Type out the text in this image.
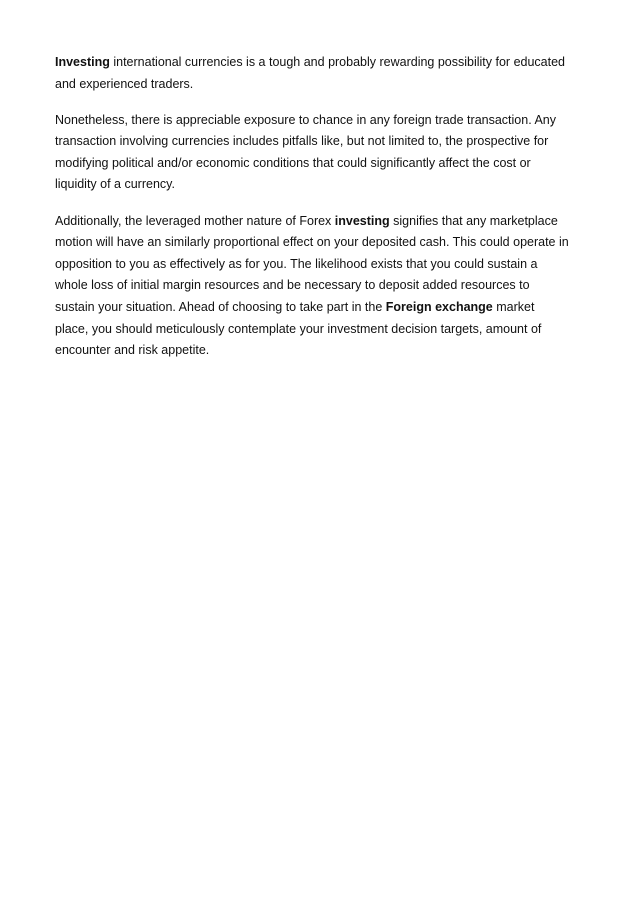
Investing international currencies is a tough and probably rewarding possibility for educated
and experienced traders.

Nonetheless, there is appreciable exposure to chance in any foreign trade transaction. Any
transaction involving currencies includes pitfalls like, but not limited to, the prospective for
modifying political and/or economic conditions that could significantly affect the cost or
liquidity of a currency.

Additionally, the leveraged mother nature of Forex investing signifies that any marketplace
motion will have an similarly proportional effect on your deposited cash. This could operate in
opposition to you as effectively as for you. The likelihood exists that you could sustain a
whole loss of initial margin resources and be necessary to deposit added resources to
sustain your situation. Ahead of choosing to take part in the Foreign exchange market
place, you should meticulously contemplate your investment decision targets, amount of
encounter and risk appetite.
